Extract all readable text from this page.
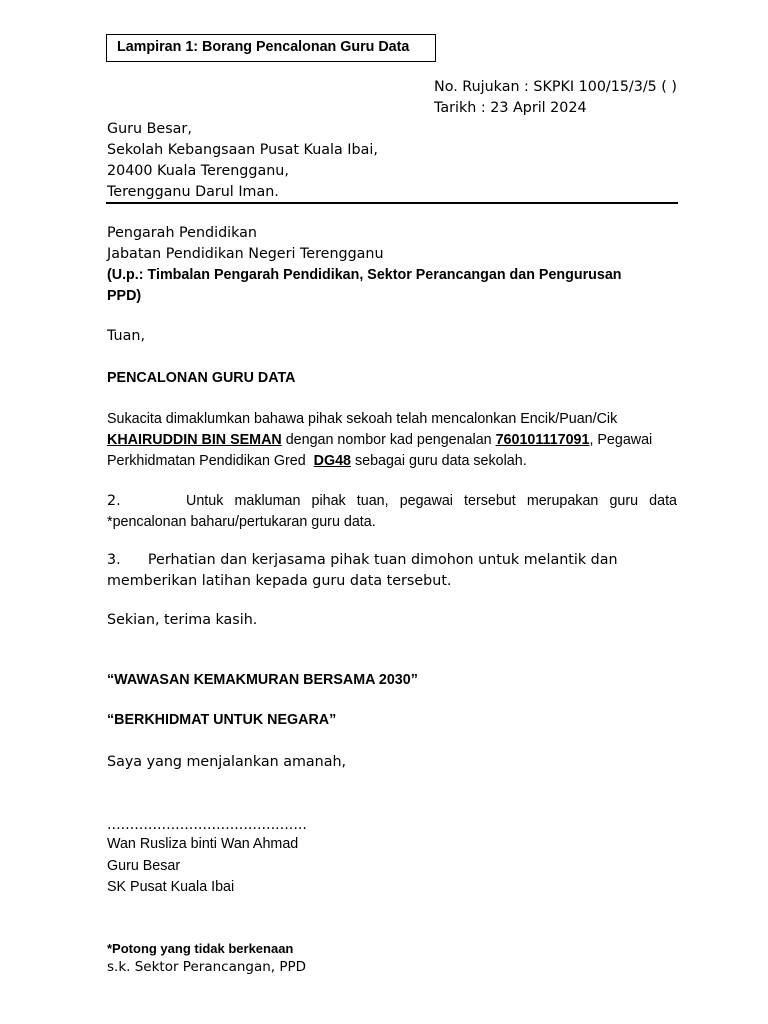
Lampiran 1: Borang Pencalonan Guru Data
No. Rujukan : SKPKI 100/15/3/5 ( )
Tarikh : 23 April 2024
Guru Besar,
Sekolah Kebangsaan Pusat Kuala Ibai,
20400 Kuala Terengganu,
Terengganu Darul Iman.
Pengarah Pendidikan
Jabatan Pendidikan Negeri Terengganu
(U.p.: Timbalan Pengarah Pendidikan, Sektor Perancangan dan Pengurusan
PPD)
Tuan,
PENCALONAN GURU DATA
Sukacita dimaklumkan bahawa pihak sekoah telah mencalonkan Encik/Puan/Cik
KHAIRUDDIN BIN SEMAN dengan nombor kad pengenalan 760101117091, Pegawai
Perkhidmatan Pendidikan Gred  DG48 sebagai guru data sekolah.
2.	Untuk makluman pihak tuan, pegawai tersebut merupakan guru data
*pencalonan baharu/pertukaran guru data.
3.      Perhatian dan kerjasama pihak tuan dimohon untuk melantik dan
memberikan latihan kepada guru data tersebut.
Sekian, terima kasih.
“WAWASAN KEMAKMURAN BERSAMA 2030”
“BERKHIDMAT UNTUK NEGARA”
Saya yang menjalankan amanah,
............................................
Wan Rusliza binti Wan Ahmad
Guru Besar
SK Pusat Kuala Ibai
*Potong yang tidak berkenaan
s.k. Sektor Perancangan, PPD
